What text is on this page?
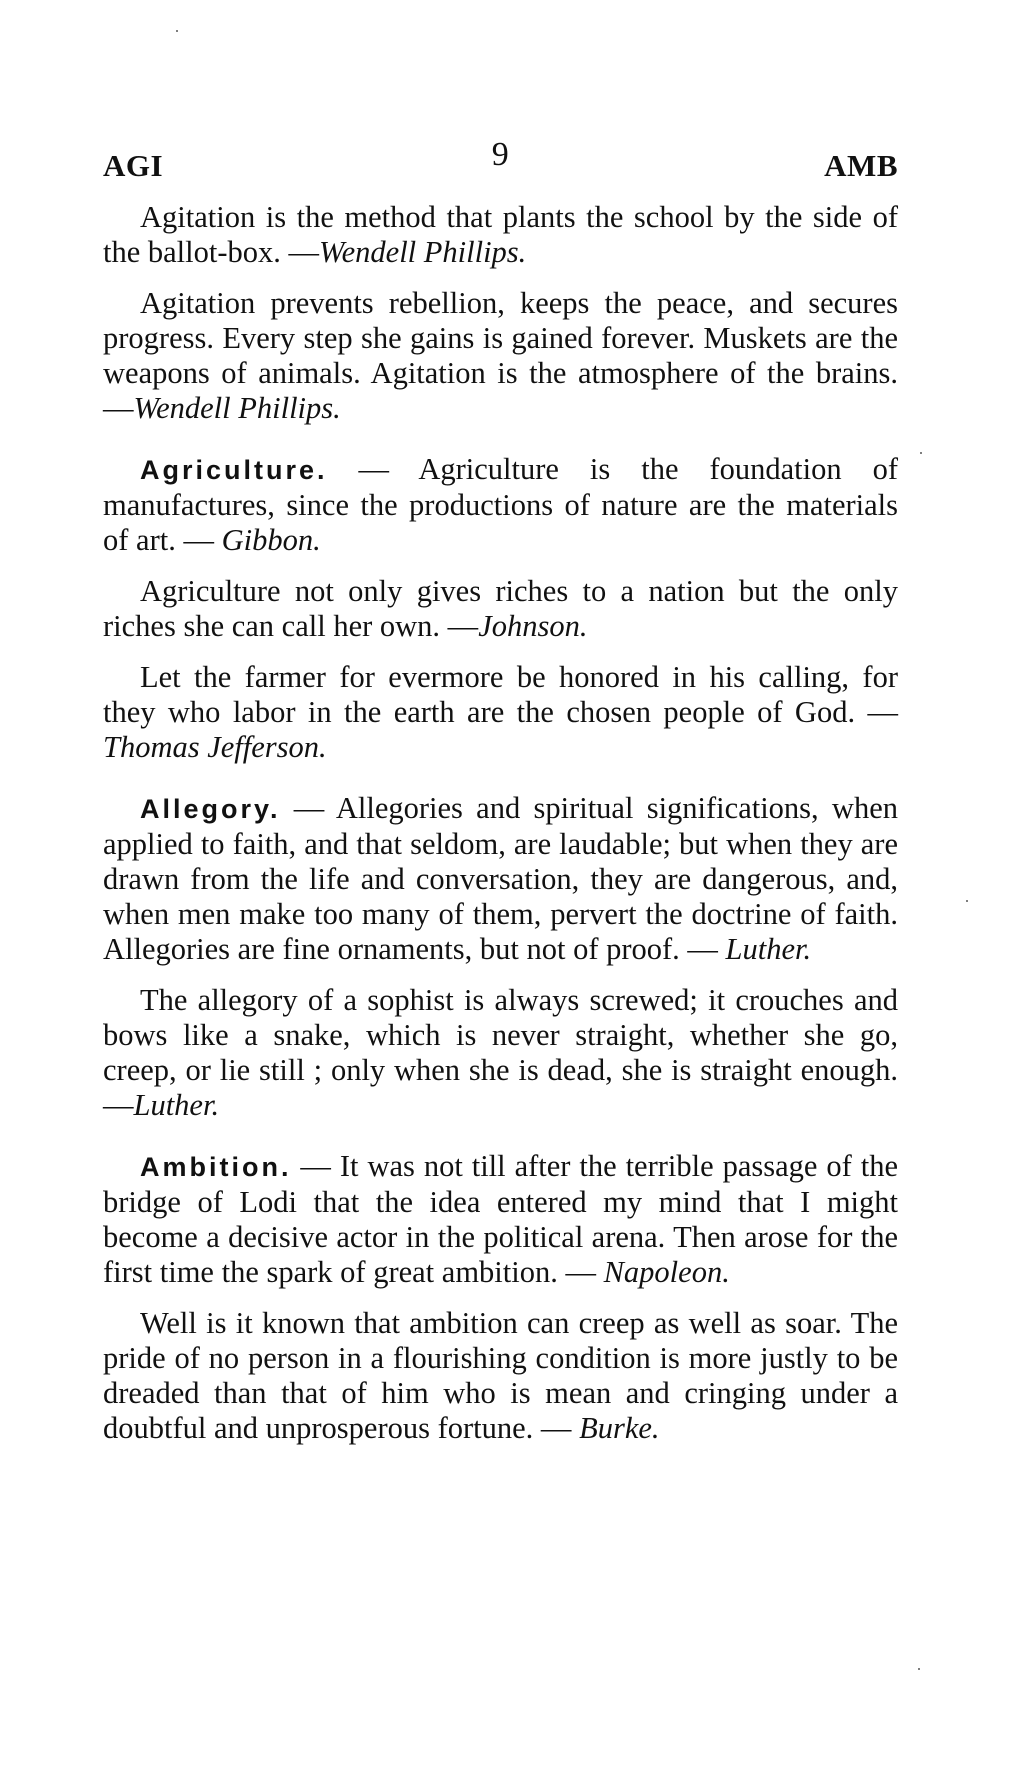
AGI	9	AMB

Agitation is the method that plants the school by the side of the ballot-box. —Wendell Phillips.

Agitation prevents rebellion, keeps the peace, and secures progress. Every step she gains is gained forever. Muskets are the weapons of animals. Agitation is the atmosphere of the brains. —Wendell Phillips.

Agriculture. — Agriculture is the foundation of manufactures, since the productions of nature are the materials of art. — Gibbon.

Agriculture not only gives riches to a nation but the only riches she can call her own. —Johnson.

Let the farmer for evermore be honored in his calling, for they who labor in the earth are the chosen people of God. — Thomas Jefferson.

Allegory. — Allegories and spiritual significations, when applied to faith, and that seldom, are laudable; but when they are drawn from the life and conversation, they are dangerous, and, when men make too many of them, pervert the doctrine of faith. Allegories are fine ornaments, but not of proof. — Luther.

The allegory of a sophist is always screwed; it crouches and bows like a snake, which is never straight, whether she go, creep, or lie still ; only when she is dead, she is straight enough. —Luther.

Ambition. — It was not till after the terrible passage of the bridge of Lodi that the idea entered my mind that I might become a decisive actor in the political arena. Then arose for the first time the spark of great ambition. — Napoleon.

Well is it known that ambition can creep as well as soar. The pride of no person in a flourishing condition is more justly to be dreaded than that of him who is mean and cringing under a doubtful and unprosperous fortune. — Burke.
